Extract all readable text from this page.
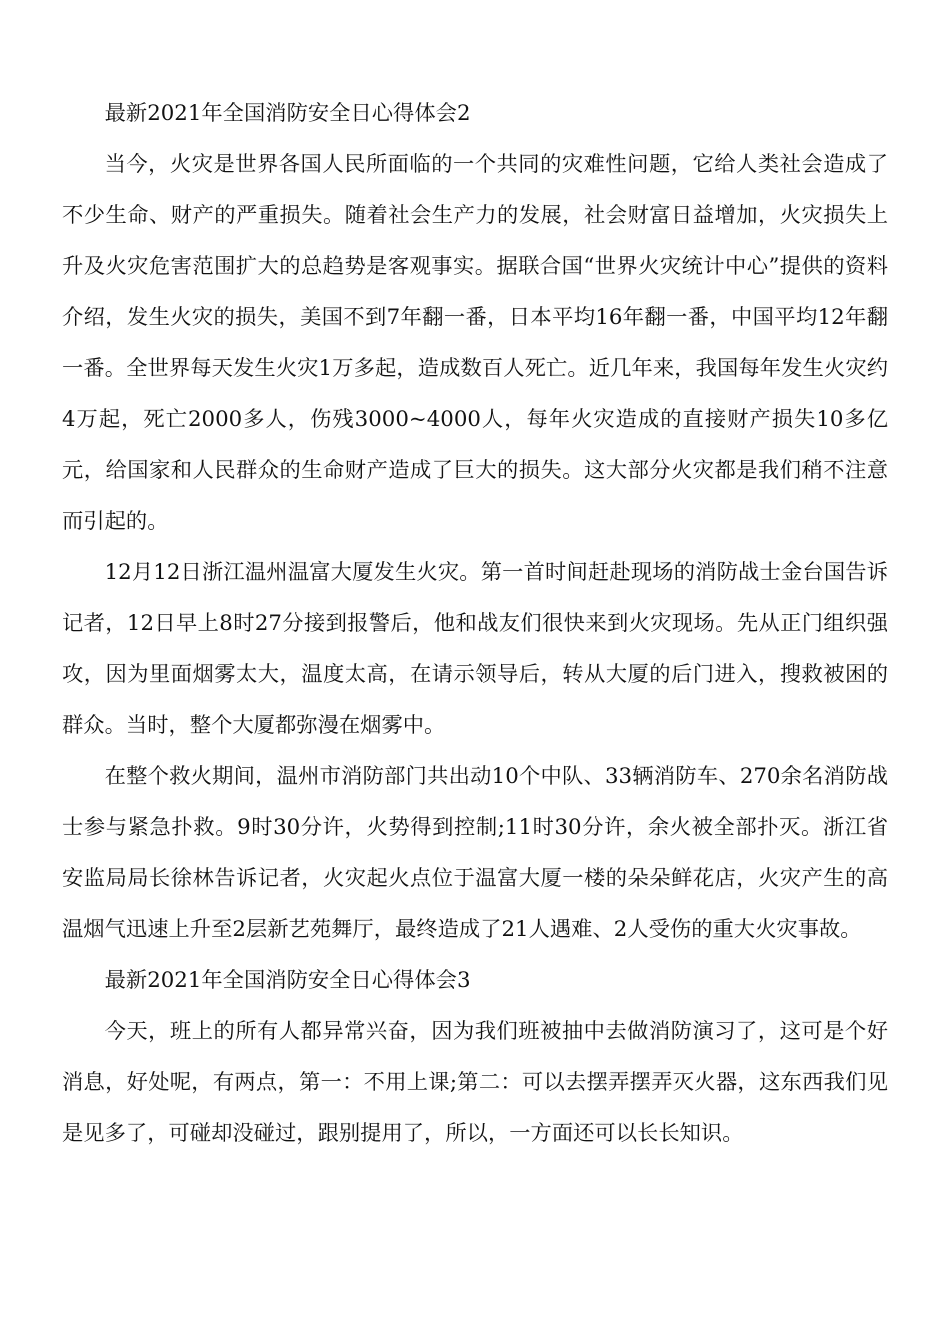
最新2021年全国消防安全日心得体会2

当今，火灾是世界各国人民所面临的一个共同的灾难性问题，它给人类社会造成了不少生命、财产的严重损失。随着社会生产力的发展，社会财富日益增加，火灾损失上升及火灾危害范围扩大的总趋势是客观事实。据联合国“世界火灾统计中心”提供的资料介绍，发生火灾的损失，美国不到7年翻一番，日本平均16年翻一番，中国平均12年翻一番。全世界每天发生火灾1万多起，造成数百人死亡。近几年来，我国每年发生火灾约4万起，死亡2000多人，伤残3000~4000人，每年火灾造成的直接财产损失10多亿元，给国家和人民群众的生命财产造成了巨大的损失。这大部分火灾都是我们稍不注意而引起的。

12月12日浙江温州温富大厦发生火灾。第一首时间赶赴现场的消防战士金台国告诉记者，12日早上8时27分接到报警后，他和战友们很快来到火灾现场。先从正门组织强攻，因为里面烟雾太大，温度太高，在请示领导后，转从大厦的后门进入，搜救被困的群众。当时，整个大厦都弥漫在烟雾中。

在整个救火期间，温州市消防部门共出动10个中队、33辆消防车、270余名消防战士参与紧急扑救。9时30分许，火势得到控制;11时30分许，余火被全部扑灭。浙江省安监局局长徐林告诉记者，火灾起火点位于温富大厦一楼的朵朵鲜花店，火灾产生的高温烟气迅速上升至2层新艺苑舞厅，最终造成了21人遇难、2人受伤的重大火灾事故。

最新2021年全国消防安全日心得体会3

今天，班上的所有人都异常兴奋，因为我们班被抽中去做消防演习了，这可是个好消息，好处呢，有两点，第一：不用上课;第二：可以去摆弄摆弄灭火器，这东西我们见是见多了，可碰却没碰过，跟别提用了，所以，一方面还可以长长知识。
